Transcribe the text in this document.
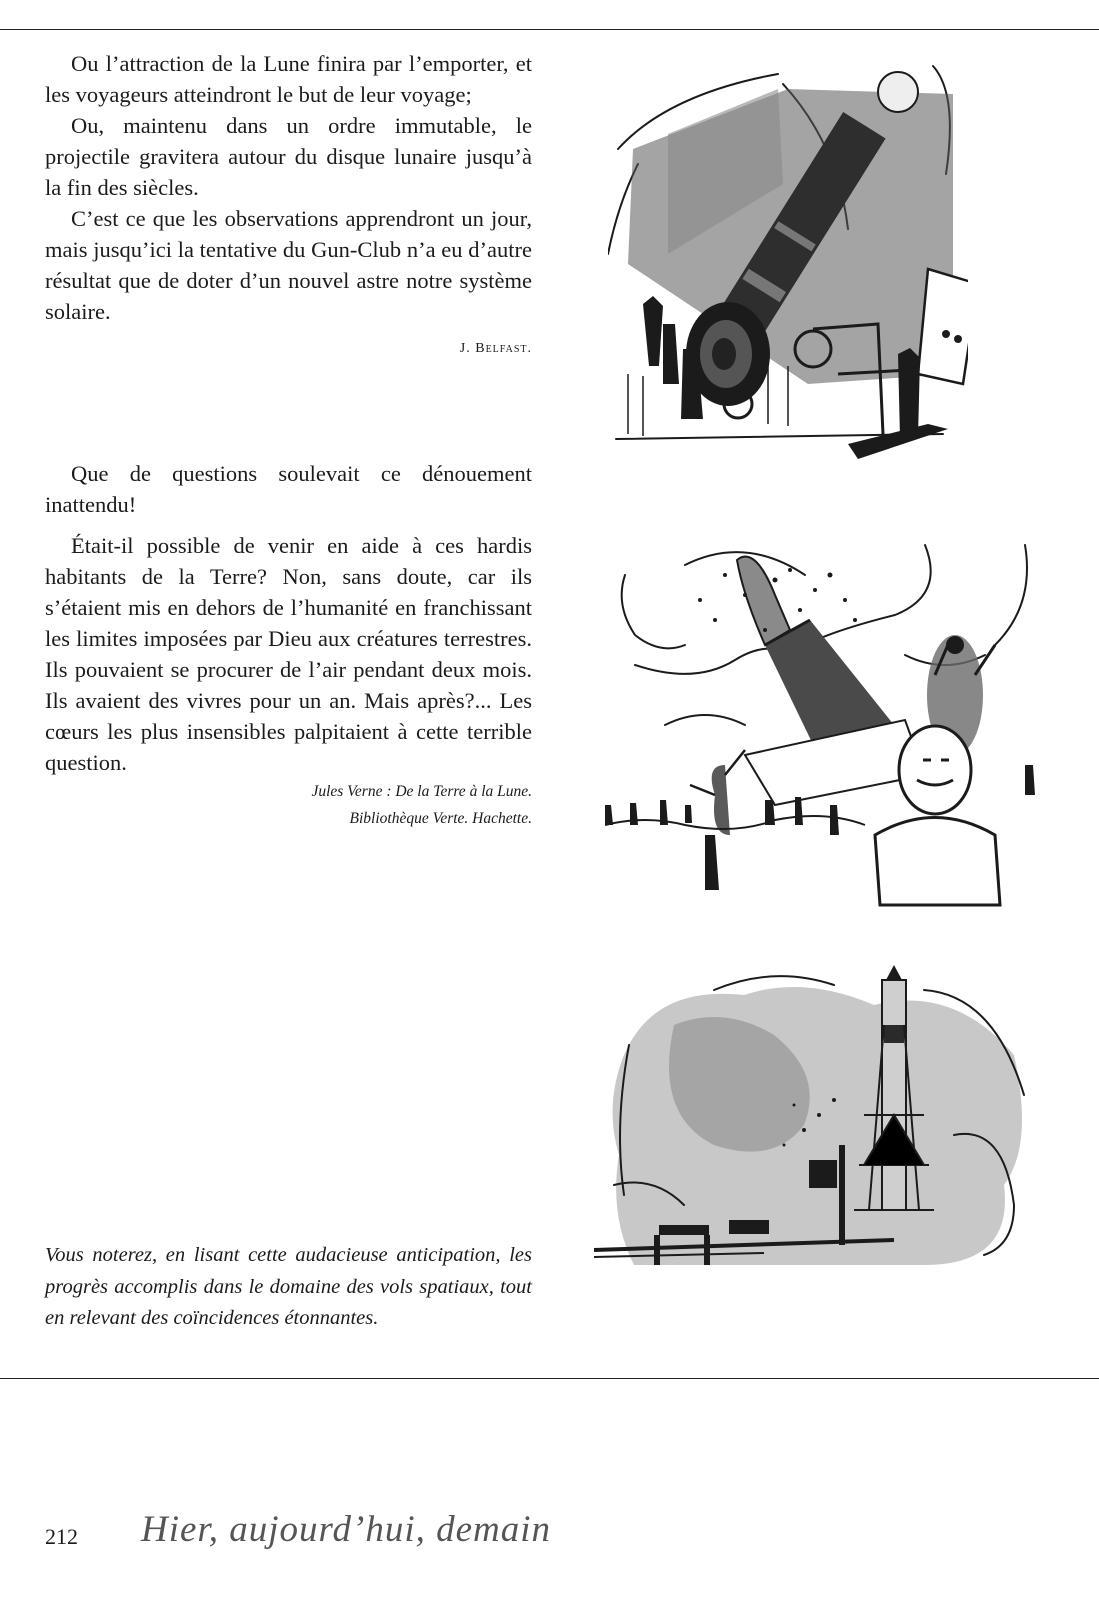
Ou l’attraction de la Lune finira par l’emporter, et les voyageurs atteindront le but de leur voyage;

Ou, maintenu dans un ordre immutable, le projectile gravitera autour du disque lunaire jusqu’à la fin des siècles.

C’est ce que les observations apprendront un jour, mais jusqu’ici la tentative du Gun-Club n’a eu d’autre résultat que de doter d’un nouvel astre notre système solaire.

J. Belfast.

Que de questions soulevait ce dénouement inattendu!

Était-il possible de venir en aide à ces hardis habitants de la Terre? Non, sans doute, car ils s’étaient mis en dehors de l’humanité en franchissant les limites imposées par Dieu aux créatures terrestres. Ils pouvaient se procurer de l’air pendant deux mois. Ils avaient des vivres pour un an. Mais après?... Les cœurs les plus insensibles palpitaient à cette terrible question.

Jules Verne : De la Terre à la Lune.
Bibliothèque Verte. Hachette.
Vous noterez, en lisant cette audacieuse anticipation, les progrès accomplis dans le domaine des vols spatiaux, tout en relevant des coïncidences étonnantes.
212 Hier, aujourd’hui, demain
